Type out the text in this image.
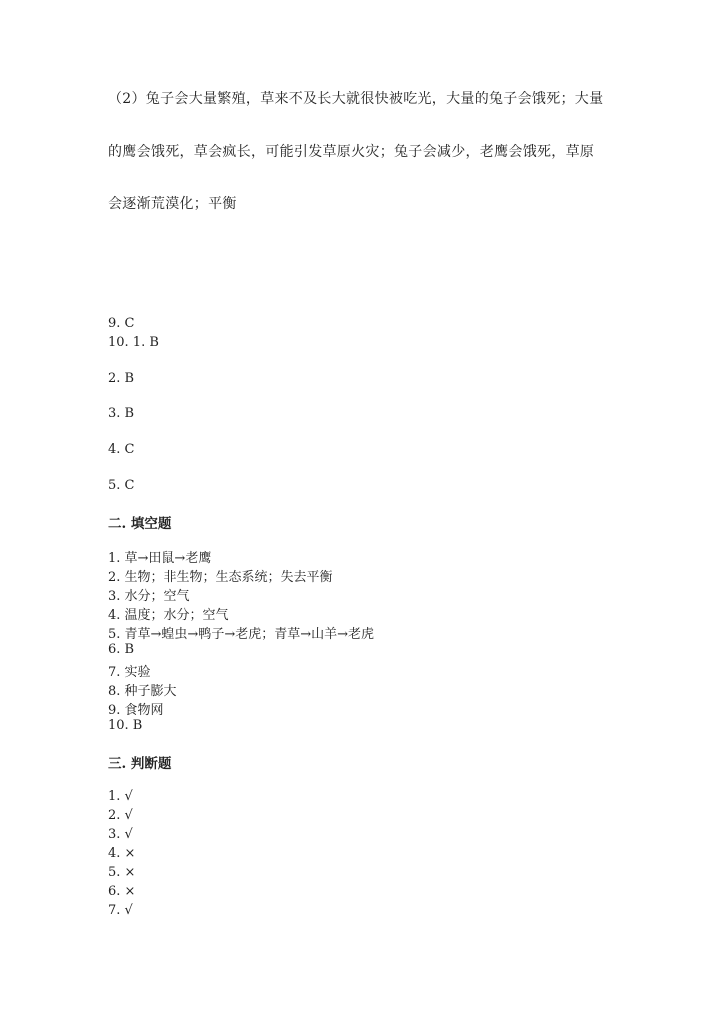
（2）兔子会大量繁殖，草来不及长大就很快被吃光，大量的兔子会饿死；大量
的鹰会饿死，草会疯长，可能引发草原火灾；兔子会减少，老鹰会饿死，草原
会逐渐荒漠化；平衡
9. C
10. 1. B
2. B
3. B
4. C
5. C
二. 填空题
1. 草→田鼠→老鹰
2. 生物；非生物；生态系统；失去平衡
3. 水分；空气
4. 温度；水分；空气
5. 青草→蝗虫→鸭子→老虎；青草→山羊→老虎
6. B
7. 实验
8. 种子膨大
9. 食物网
10. B
三. 判断题
1. √
2. √
3. √
4. ×
5. ×
6. ×
7. √
